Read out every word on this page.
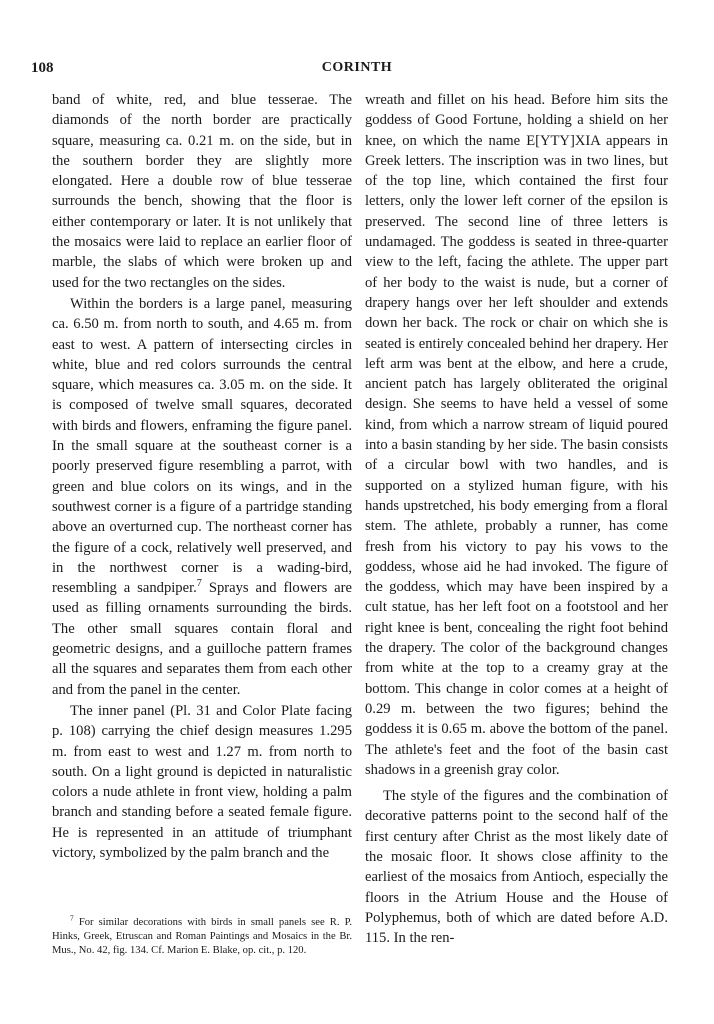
108	CORINTH

band of white, red, and blue tesserae. The diamonds of the north border are practically square, measuring ca. 0.21 m. on the side, but in the southern border they are slightly more elongated. Here a double row of blue tesserae surrounds the bench, showing that the floor is either contemporary or later. It is not unlikely that the mosaics were laid to replace an earlier floor of marble, the slabs of which were broken up and used for the two rectangles on the sides.

Within the borders is a large panel, measuring ca. 6.50 m. from north to south, and 4.65 m. from east to west. A pattern of intersecting circles in white, blue and red colors surrounds the central square, which measures ca. 3.05 m. on the side. It is composed of twelve small squares, decorated with birds and flowers, enframing the figure panel. In the small square at the southeast corner is a poorly preserved figure resembling a parrot, with green and blue colors on its wings, and in the southwest corner is a figure of a partridge standing above an overturned cup. The northeast corner has the figure of a cock, relatively well preserved, and in the northwest corner is a wading-bird, resembling a sandpiper.$^7$ Sprays and flowers are used as filling ornaments surrounding the birds. The other small squares contain floral and geometric designs, and a guilloche pattern frames all the squares and separates them from each other and from the panel in the center.

The inner panel (Pl. 31 and Color Plate facing p. 108) carrying the chief design measures 1.295 m. from east to west and 1.27 m. from north to south. On a light ground is depicted in naturalistic colors a nude athlete in front view, holding a palm branch and standing before a seated female figure. He is represented in an attitude of triumphant victory, symbolized by the palm branch and the

$^7$ For similar decorations with birds in small panels see R. P. Hinks, Greek, Etruscan and Roman Paintings and Mosaics in the Br. Mus., No. 42, fig. 134. Cf. Marion E. Blake, op. cit., p. 120.

wreath and fillet on his head. Before him sits the goddess of Good Fortune, holding a shield on her knee, on which the name E[YTY]XIA appears in Greek letters. The inscription was in two lines, but of the top line, which contained the first four letters, only the lower left corner of the epsilon is preserved. The second line of three letters is undamaged. The goddess is seated in three-quarter view to the left, facing the athlete. The upper part of her body to the waist is nude, but a corner of drapery hangs over her left shoulder and extends down her back. The rock or chair on which she is seated is entirely concealed behind her drapery. Her left arm was bent at the elbow, and here a crude, ancient patch has largely obliterated the original design. She seems to have held a vessel of some kind, from which a narrow stream of liquid poured into a basin standing by her side. The basin consists of a circular bowl with two handles, and is supported on a stylized human figure, with his hands upstretched, his body emerging from a floral stem. The athlete, probably a runner, has come fresh from his victory to pay his vows to the goddess, whose aid he had invoked. The figure of the goddess, which may have been inspired by a cult statue, has her left foot on a footstool and her right knee is bent, concealing the right foot behind the drapery. The color of the background changes from white at the top to a creamy gray at the bottom. This change in color comes at a height of 0.29 m. between the two figures; behind the goddess it is 0.65 m. above the bottom of the panel. The athlete's feet and the foot of the basin cast shadows in a greenish gray color.

The style of the figures and the combination of decorative patterns point to the second half of the first century after Christ as the most likely date of the mosaic floor. It shows close affinity to the earliest of the mosaics from Antioch, especially the floors in the Atrium House and the House of Polyphemus, both of which are dated before A.D. 115. In the ren-
